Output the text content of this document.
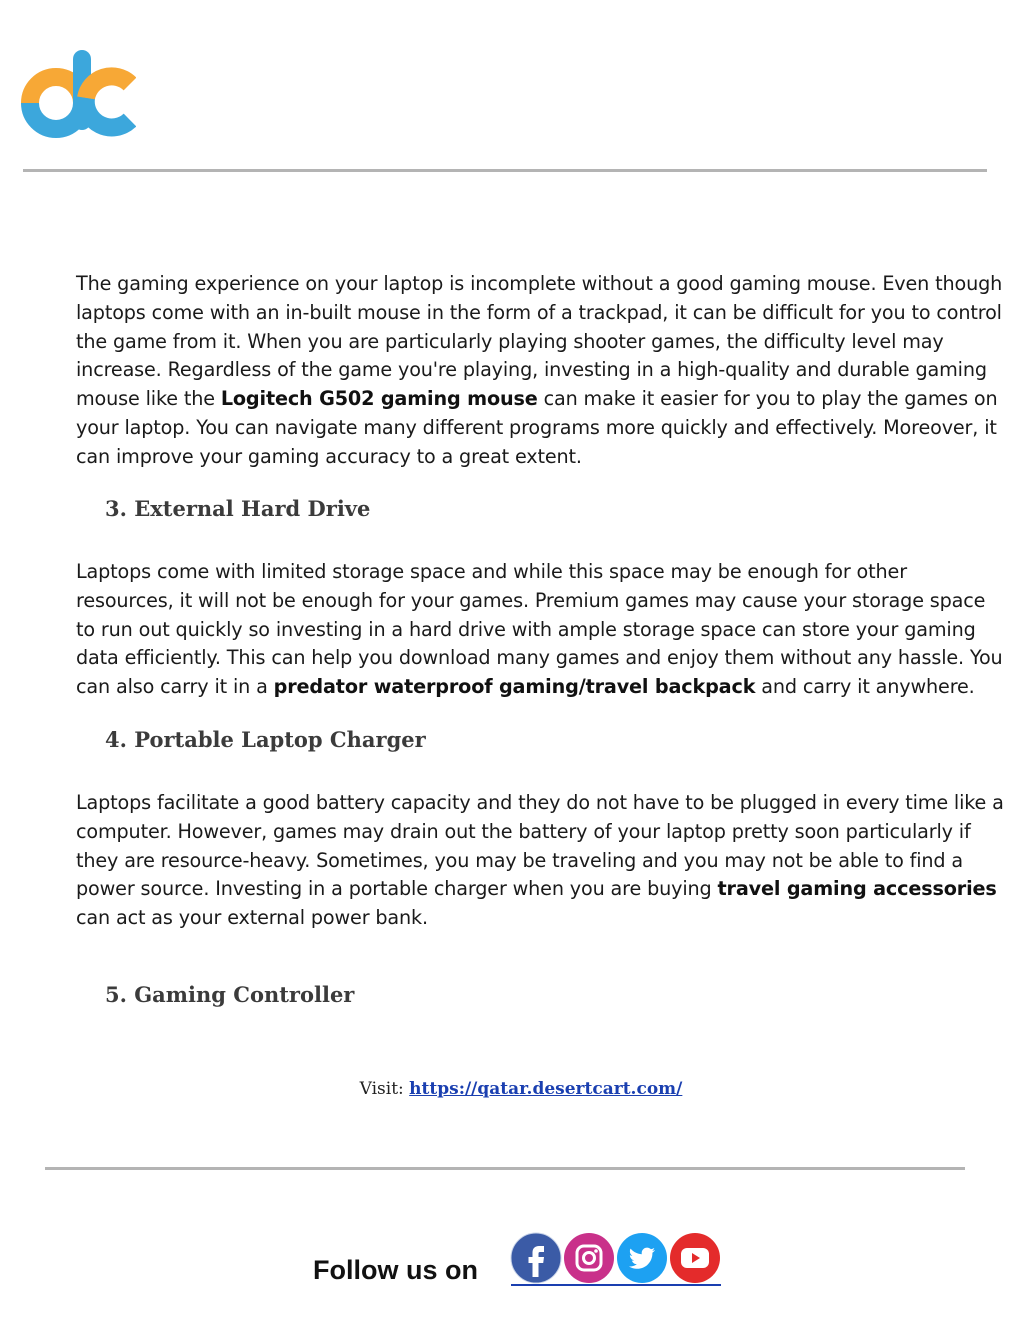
The gaming experience on your laptop is incomplete without a good gaming mouse. Even though laptops come with an in-built mouse in the form of a trackpad, it can be difficult for you to control the game from it. When you are particularly playing shooter games, the difficulty level may increase. Regardless of the game you're playing, investing in a high-quality and durable gaming mouse like the Logitech G502 gaming mouse can make it easier for you to play the games on your laptop. You can navigate many different programs more quickly and effectively. Moreover, it can improve your gaming accuracy to a great extent.

3. External Hard Drive

Laptops come with limited storage space and while this space may be enough for other resources, it will not be enough for your games. Premium games may cause your storage space to run out quickly so investing in a hard drive with ample storage space can store your gaming data efficiently. This can help you download many games and enjoy them without any hassle. You can also carry it in a predator waterproof gaming/travel backpack and carry it anywhere.

4. Portable Laptop Charger

Laptops facilitate a good battery capacity and they do not have to be plugged in every time like a computer. However, games may drain out the battery of your laptop pretty soon particularly if they are resource-heavy. Sometimes, you may be traveling and you may not be able to find a power source. Investing in a portable charger when you are buying travel gaming accessories can act as your external power bank.

5. Gaming Controller
Visit: https://qatar.desertcart.com/
Follow us on
